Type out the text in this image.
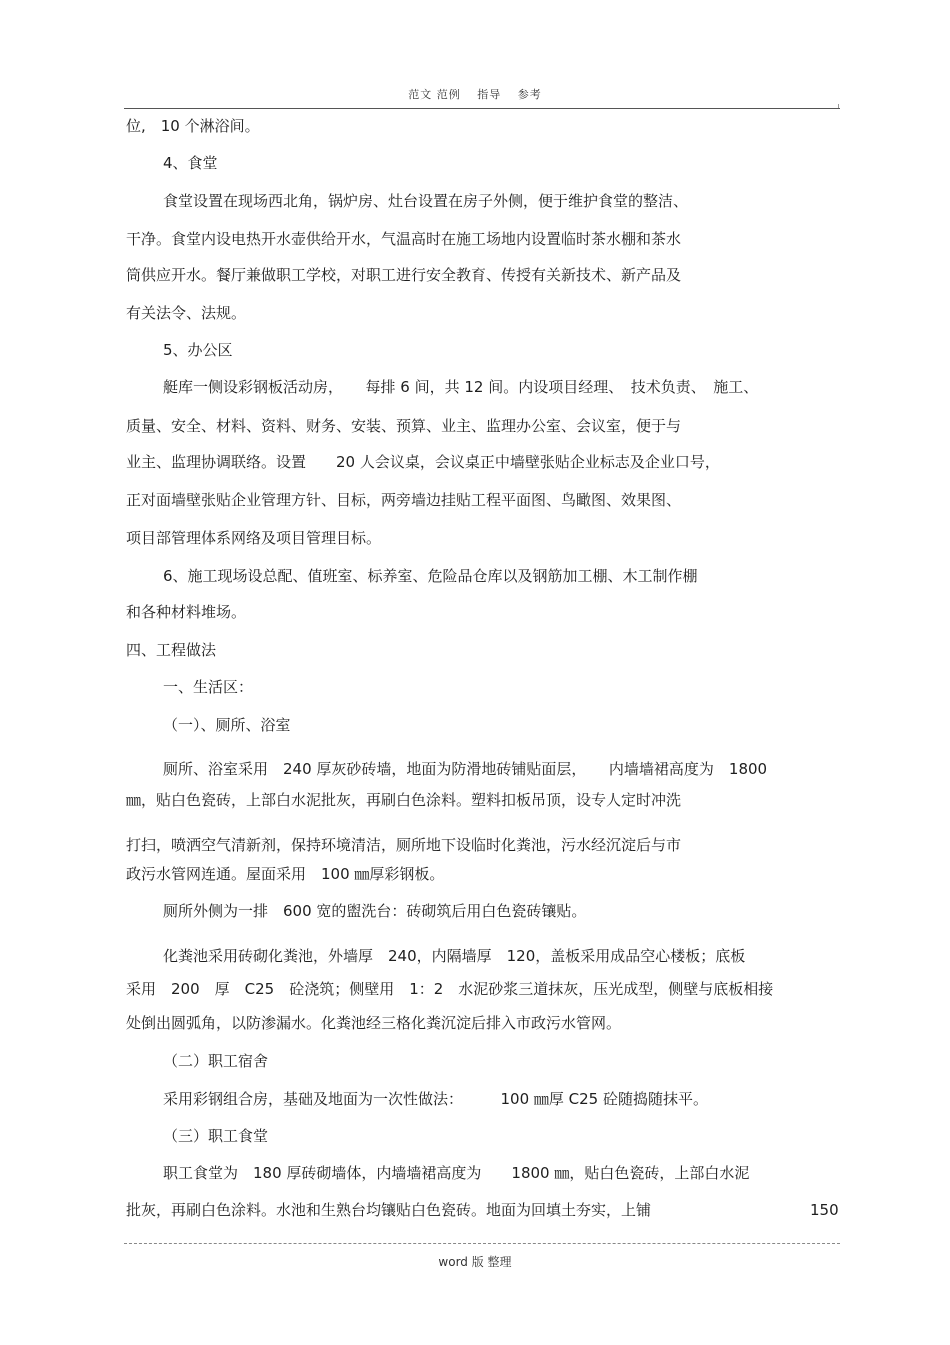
范文 范例　 指导　 参考
位,　10 个淋浴间。
4、食堂
食堂设置在现场西北角，锅炉房、灶台设置在房子外侧，便于维护食堂的整洁、
干净。食堂内设电热开水壶供给开水，气温高时在施工场地内设置临时茶水棚和茶水
筒供应开水。餐厅兼做职工学校，对职工进行安全教育、传授有关新技术、新产品及
有关法令、法规。
5、办公区
艇库一侧设彩钢板活动房，　　每排 6 间，共 12 间。内设项目经理、　技术负责、　施工、
质量、安全、材料、资料、财务、安装、预算、业主、监理办公室、会议室，便于与
业主、监理协调联络。设置　　20 人会议桌，会议桌正中墙壁张贴企业标志及企业口号，
正对面墙壁张贴企业管理方针、目标，两旁墙边挂贴工程平面图、鸟瞰图、效果图、
项目部管理体系网络及项目管理目标。
6、施工现场设总配、值班室、标养室、危险品仓库以及钢筋加工棚、木工制作棚
和各种材料堆场。
四、工程做法
一、生活区：
（一）、厕所、浴室
厕所、浴室采用　240 厚灰砂砖墙，地面为防滑地砖铺贴面层，　　内墙墙裙高度为　1800
㎜，贴白色瓷砖，上部白水泥批灰，再刷白色涂料。塑料扣板吊顶，设专人定时冲洗
打扫，喷洒空气清新剂，保持环境清洁，厕所地下设临时化粪池，污水经沉淀后与市
政污水管网连通。屋面采用　100 ㎜厚彩钢板。
厕所外侧为一排　600 宽的盥洗台：砖砌筑后用白色瓷砖镶贴。
化粪池采用砖砌化粪池，外墙厚　240，内隔墙厚　120，盖板采用成品空心楼板；底板
采用　200　厚　C25　砼浇筑；侧壁用　1：2　水泥砂浆三道抹灰，压光成型，侧壁与底板相接
处倒出圆弧角，以防渗漏水。化粪池经三格化粪沉淀后排入市政污水管网。
（二）职工宿舍
采用彩钢组合房，基础及地面为一次性做法：　　　100 ㎜厚 C25 砼随捣随抹平。
（三）职工食堂
职工食堂为　180 厚砖砌墙体，内墙墙裙高度为　　1800 ㎜，贴白色瓷砖，上部白水泥
批灰，再刷白色涂料。水池和生熟台均镶贴白色瓷砖。地面为回填土夯实，上铺	150
word 版 整理
